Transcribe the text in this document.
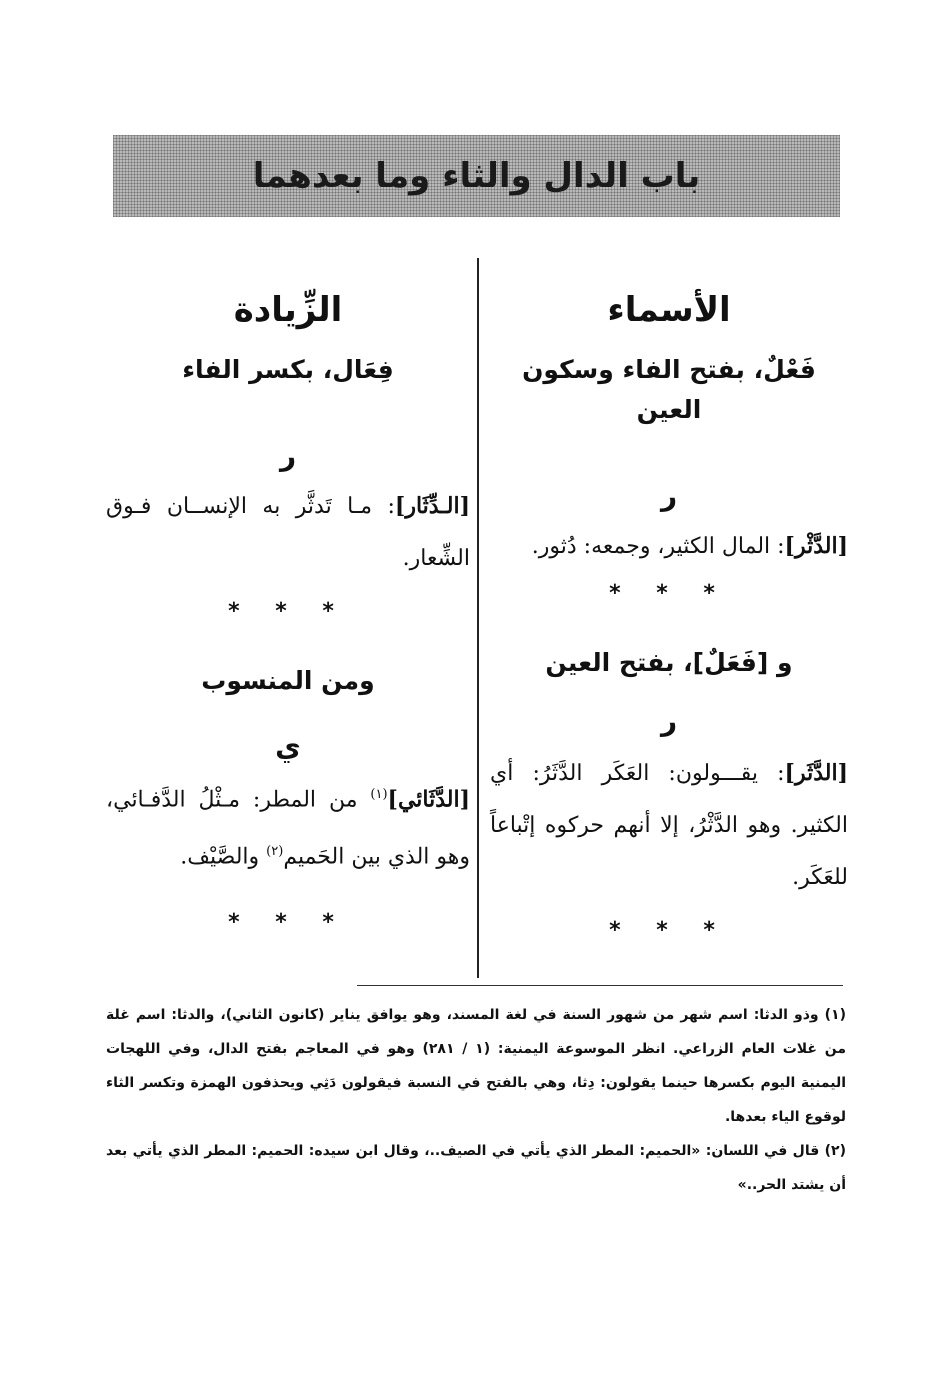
باب الدال والثاء وما بعدهما
الأسماء
فَعْلٌ، بفتح الفاء وسكون العين
ر
[الدَّثْر]: المال الكثير، وجمعه: دُثور.
* * *
و [فَعَلٌ]، بفتح العين
ر
[الدَّثَر]: يقـــولون: العَكَر الدَّثَرُ: أي الكثير. وهو الدَّثْرُ، إلا أنهم حركوه إتْباعاً للعَكَر.
* * *
الزِّيادة
فِعَال، بكسر الفاء
ر
[الـدِّثَار]: مـا تَدثَّر به الإنســان فـوق الشِّعار.
* * *
ومن المنسوب
ي
[الدَّثَائي]$^{(١)}$ من المطر: مـثْلُ الدَّفـائي، وهو الذي بين الحَميم$^{(٢)}$ والصَّيْف.
* * *
(١) وذو الدثا: اسم شهر من شهور السنة في لغة المسند، وهو يوافق يناير (كانون الثاني)، والدثا: اسم غلة من غلات العام الزراعي. انظر الموسوعة اليمنية: (١ / ٢٨١) وهو في المعاجم بفتح الدال، وفي اللهجات اليمنية اليوم بكسرها حينما يقولون: دِثا، وهي بالفتح في النسبة فيقولون دَثِي ويحذفون الهمزة وتكسر الثاء لوقوع الياء بعدها.
(٢) قال في اللسان: «الحميم: المطر الذي يأتي في الصيف..، وقال ابن سيده: الحميم: المطر الذي يأتي بعد أن يشتد الحر..»
